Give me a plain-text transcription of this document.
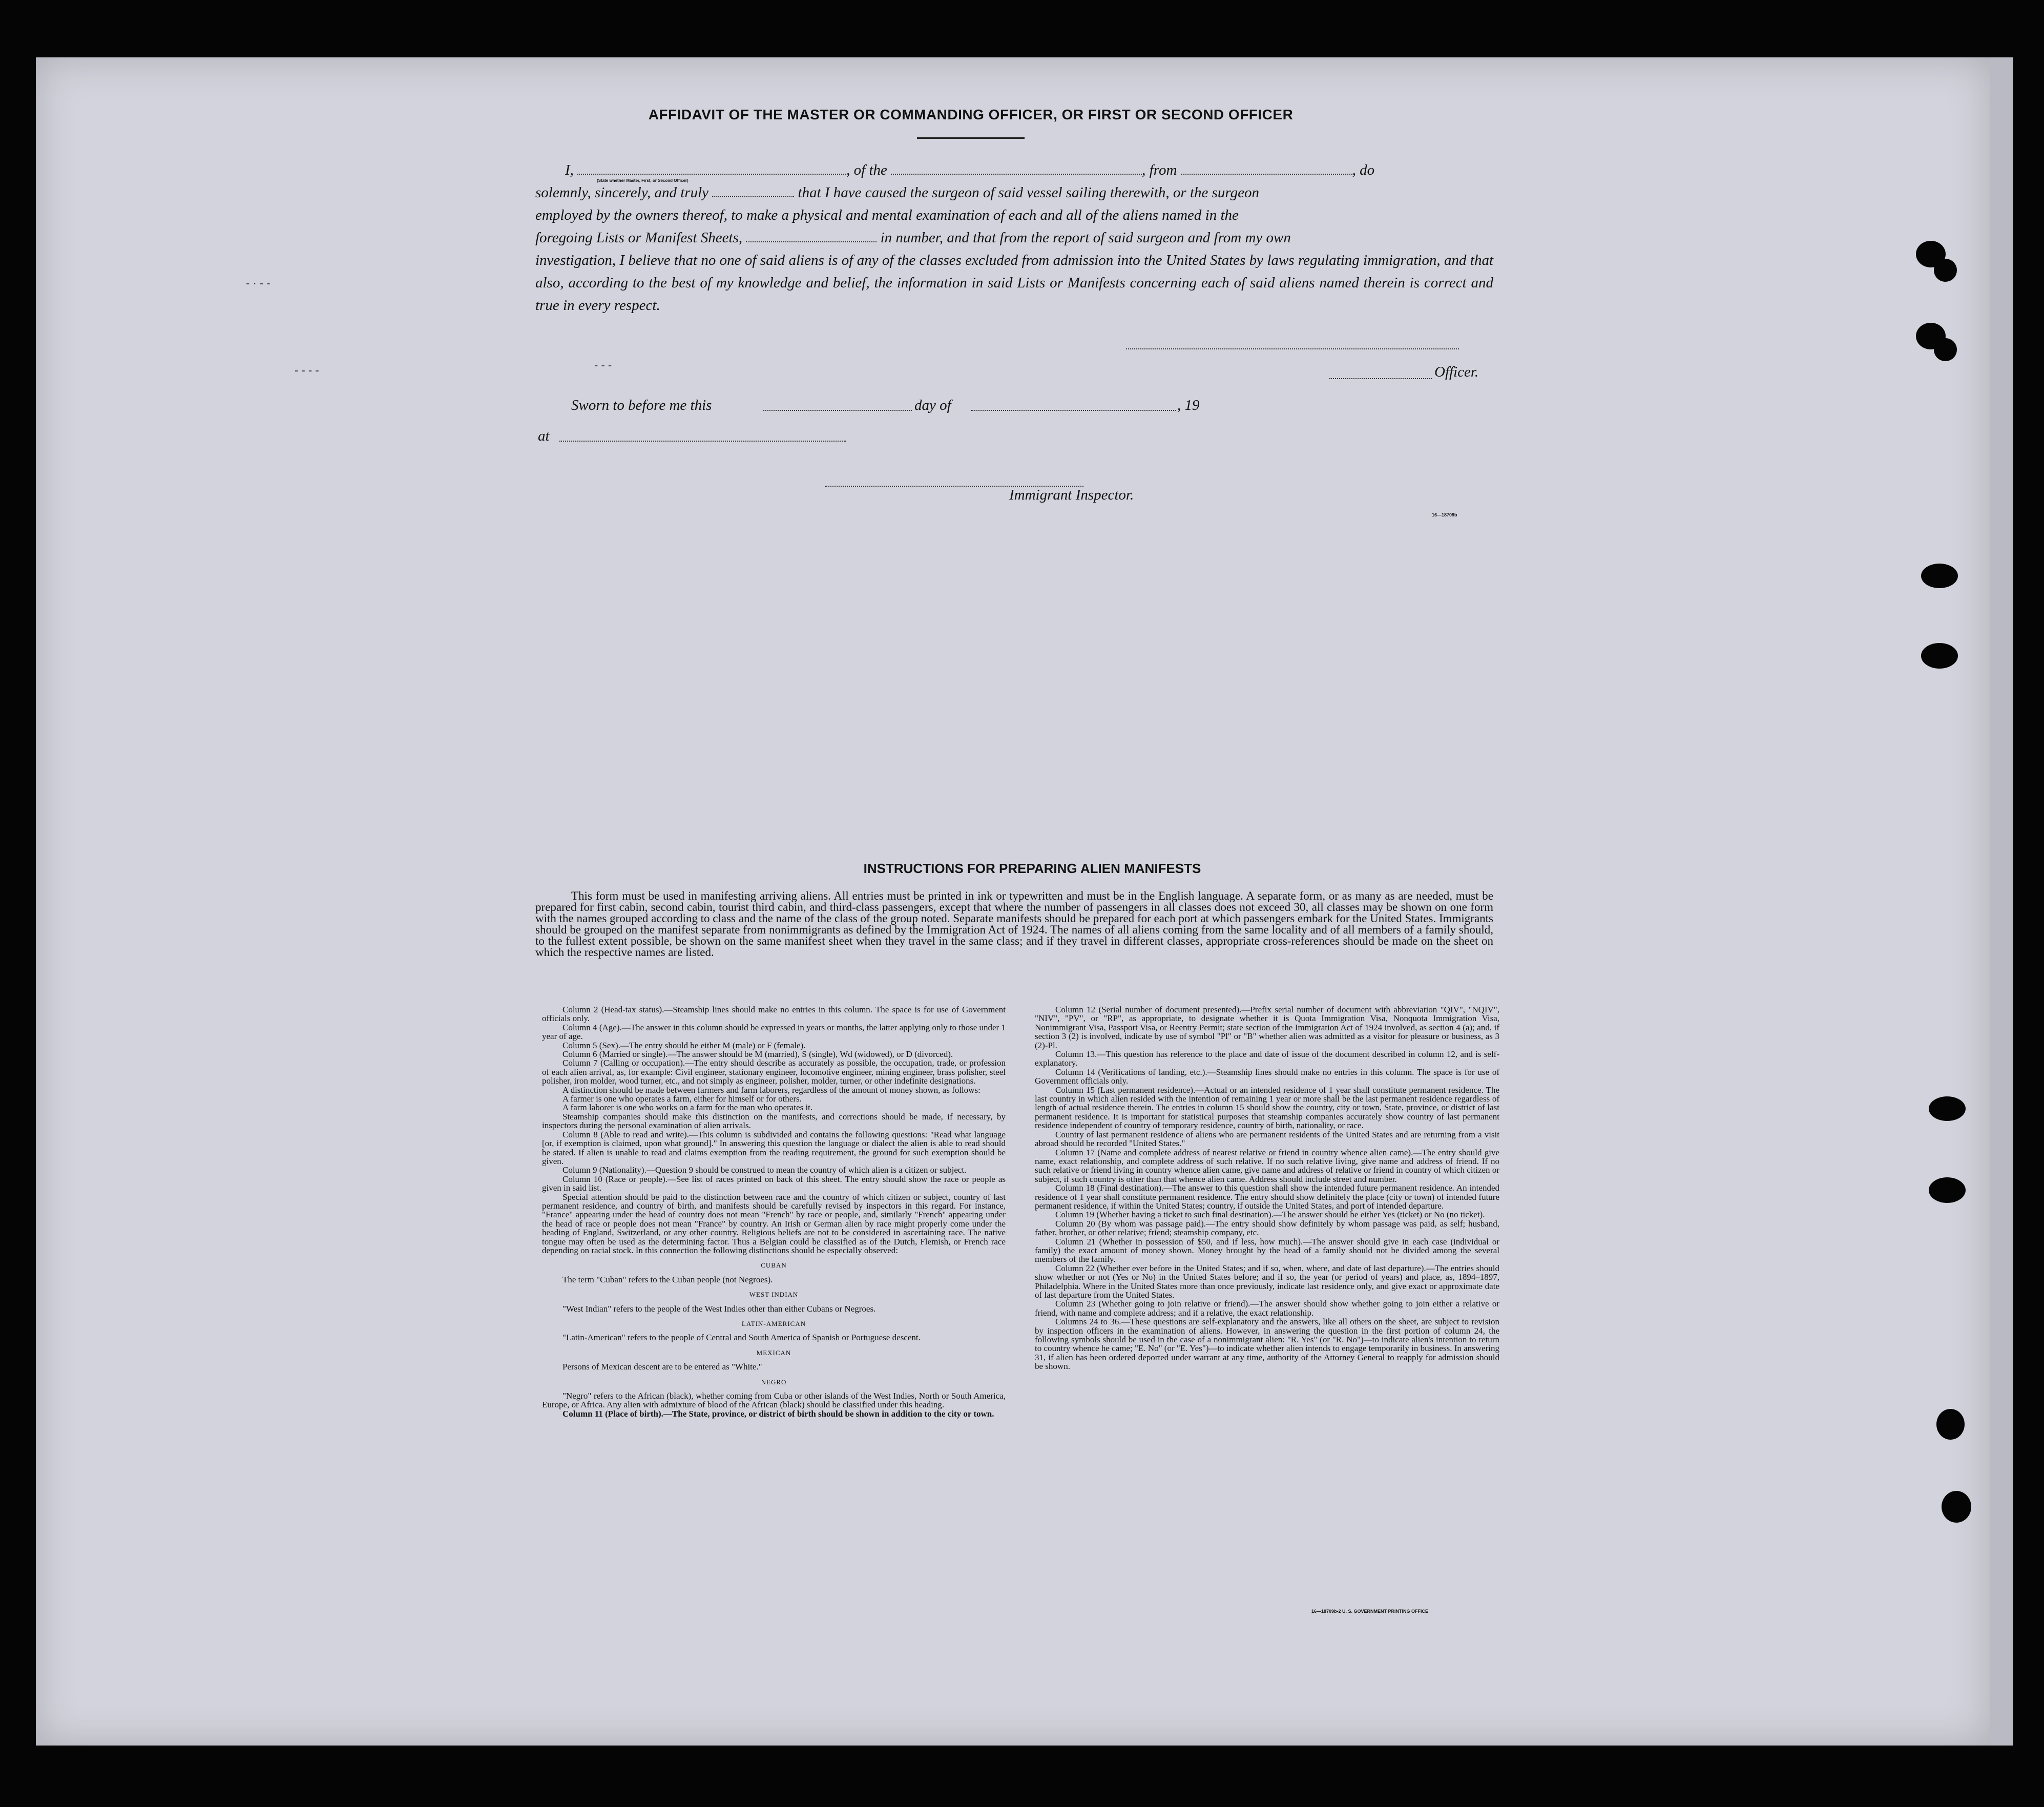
‑ · ‑ ‑
‑ ‑ ‑ ‑	‑ ‑ ‑
AFFIDAVIT OF THE MASTER OR COMMANDING OFFICER, OR FIRST OR SECOND OFFICER

I,	, of the	, from	, do

solemnly, sincerely, and truly	that I have caused the surgeon of said vessel sailing therewith, or the surgeon

employed by the owners thereof, to make a physical and mental examination of each and all of the aliens named in the

foregoing Lists or Manifest Sheets,	in number, and that from the report of said surgeon and from my own

investigation, I believe that no one of said aliens is of any of the classes excluded from admission into the United States by laws regulating immigration, and that also, according to the best of my knowledge and belief, the information in said Lists or Manifests concerning each of said aliens named therein is correct and true in every respect.

(State whether Master, First, or Second Officer)
Officer.
Sworn to before me this	day of	, 19
at
Immigrant Inspector.
16—18709b
INSTRUCTIONS FOR PREPARING ALIEN MANIFESTS

This form must be used in manifesting arriving aliens. All entries must be printed in ink or typewritten and must be in the English language. A separate form, or as many as are needed, must be prepared for first cabin, second cabin, tourist third cabin, and third-class passengers, except that where the number of passengers in all classes does not exceed 30, all classes may be shown on one form with the names grouped according to class and the name of the class of the group noted. Separate manifests should be prepared for each port at which passengers embark for the United States. Immigrants should be grouped on the manifest separate from nonimmigrants as defined by the Immigration Act of 1924. The names of all aliens coming from the same locality and of all members of a family should, to the fullest extent possible, be shown on the same manifest sheet when they travel in the same class; and if they travel in different classes, appropriate cross-references should be made on the sheet on which the respective names are listed.

Column 2 (Head-tax status).—Steamship lines should make no entries in this column. The space is for use of Government officials only.

Column 4 (Age).—The answer in this column should be expressed in years or months, the latter applying only to those under 1 year of age.

Column 5 (Sex).—The entry should be either M (male) or F (female).

Column 6 (Married or single).—The answer should be M (married), S (single), Wd (widowed), or D (divorced).

Column 7 (Calling or occupation).—The entry should describe as accurately as possible, the occupation, trade, or profession of each alien arrival, as, for example: Civil engineer, stationary engineer, locomotive engineer, mining engineer, brass polisher, steel polisher, iron molder, wood turner, etc., and not simply as engineer, polisher, molder, turner, or other indefinite designations.

A distinction should be made between farmers and farm laborers, regardless of the amount of money shown, as follows:

A farmer is one who operates a farm, either for himself or for others.

A farm laborer is one who works on a farm for the man who operates it.

Steamship companies should make this distinction on the manifests, and corrections should be made, if necessary, by inspectors during the personal examination of alien arrivals.

Column 8 (Able to read and write).—This column is subdivided and contains the following questions: "Read what language [or, if exemption is claimed, upon what ground]." In answering this question the language or dialect the alien is able to read should be stated. If alien is unable to read and claims exemption from the reading requirement, the ground for such exemption should be given.

Column 9 (Nationality).—Question 9 should be construed to mean the country of which alien is a citizen or subject.

Column 10 (Race or people).—See list of races printed on back of this sheet. The entry should show the race or people as given in said list.

Special attention should be paid to the distinction between race and the country of which citizen or subject, country of last permanent residence, and country of birth, and manifests should be carefully revised by inspectors in this regard. For instance, "France" appearing under the head of country does not mean "French" by race or people, and, similarly "French" appearing under the head of race or people does not mean "France" by country. An Irish or German alien by race might properly come under the heading of England, Switzerland, or any other country. Religious beliefs are not to be considered in ascertaining race. The native tongue may often be used as the determining factor. Thus a Belgian could be classified as of the Dutch, Flemish, or French race depending on racial stock. In this connection the following distinctions should be especially observed:

CUBAN

The term "Cuban" refers to the Cuban people (not Negroes).

WEST INDIAN

"West Indian" refers to the people of the West Indies other than either Cubans or Negroes.

LATIN-AMERICAN

"Latin-American" refers to the people of Central and South America of Spanish or Portuguese descent.

MEXICAN

Persons of Mexican descent are to be entered as "White."

NEGRO

"Negro" refers to the African (black), whether coming from Cuba or other islands of the West Indies, North or South America, Europe, or Africa. Any alien with admixture of blood of the African (black) should be classified under this heading.

Column 11 (Place of birth).—The State, province, or district of birth should be shown in addition to the city or town.

Column 12 (Serial number of document presented).—Prefix serial number of document with abbreviation "QIV", "NQIV", "NIV", "PV", or "RP", as appropriate, to designate whether it is Quota Immigration Visa, Nonquota Immigration Visa, Nonimmigrant Visa, Passport Visa, or Reentry Permit; state section of the Immigration Act of 1924 involved, as section 4 (a); and, if section 3 (2) is involved, indicate by use of symbol "Pl" or "B" whether alien was admitted as a visitor for pleasure or business, as 3 (2)-Pl.

Column 13.—This question has reference to the place and date of issue of the document described in column 12, and is self-explanatory.

Column 14 (Verifications of landing, etc.).—Steamship lines should make no entries in this column. The space is for use of Government officials only.

Column 15 (Last permanent residence).—Actual or an intended residence of 1 year shall constitute permanent residence. The last country in which alien resided with the intention of remaining 1 year or more shall be the last permanent residence regardless of length of actual residence therein. The entries in column 15 should show the country, city or town, State, province, or district of last permanent residence. It is important for statistical purposes that steamship companies accurately show country of last permanent residence independent of country of temporary residence, country of birth, nationality, or race.

Country of last permanent residence of aliens who are permanent residents of the United States and are returning from a visit abroad should be recorded "United States."

Column 17 (Name and complete address of nearest relative or friend in country whence alien came).—The entry should give name, exact relationship, and complete address of such relative. If no such relative living, give name and address of friend. If no such relative or friend living in country whence alien came, give name and address of relative or friend in country of which citizen or subject, if such country is other than that whence alien came. Address should include street and number.

Column 18 (Final destination).—The answer to this question shall show the intended future permanent residence. An intended residence of 1 year shall constitute permanent residence. The entry should show definitely the place (city or town) of intended future permanent residence, if within the United States; country, if outside the United States, and port of intended departure.

Column 19 (Whether having a ticket to such final destination).—The answer should be either Yes (ticket) or No (no ticket).

Column 20 (By whom was passage paid).—The entry should show definitely by whom passage was paid, as self; husband, father, brother, or other relative; friend; steamship company, etc.

Column 21 (Whether in possession of $50, and if less, how much).—The answer should give in each case (individual or family) the exact amount of money shown. Money brought by the head of a family should not be divided among the several members of the family.

Column 22 (Whether ever before in the United States; and if so, when, where, and date of last departure).—The entries should show whether or not (Yes or No) in the United States before; and if so, the year (or period of years) and place, as, 1894–1897, Philadelphia. Where in the United States more than once previously, indicate last residence only, and give exact or approximate date of last departure from the United States.

Column 23 (Whether going to join relative or friend).—The answer should show whether going to join either a relative or friend, with name and complete address; and if a relative, the exact relationship.

Columns 24 to 36.—These questions are self-explanatory and the answers, like all others on the sheet, are subject to revision by inspection officers in the examination of aliens. However, in answering the question in the first portion of column 24, the following symbols should be used in the case of a nonimmigrant alien: "R. Yes" (or "R. No")—to indicate alien's intention to return to country whence he came; "E. No" (or "E. Yes")—to indicate whether alien intends to engage temporarily in business. In answering 31, if alien has been ordered deported under warrant at any time, authority of the Attorney General to reapply for admission should be shown.

16—18709b-2 U. S. GOVERNMENT PRINTING OFFICE
